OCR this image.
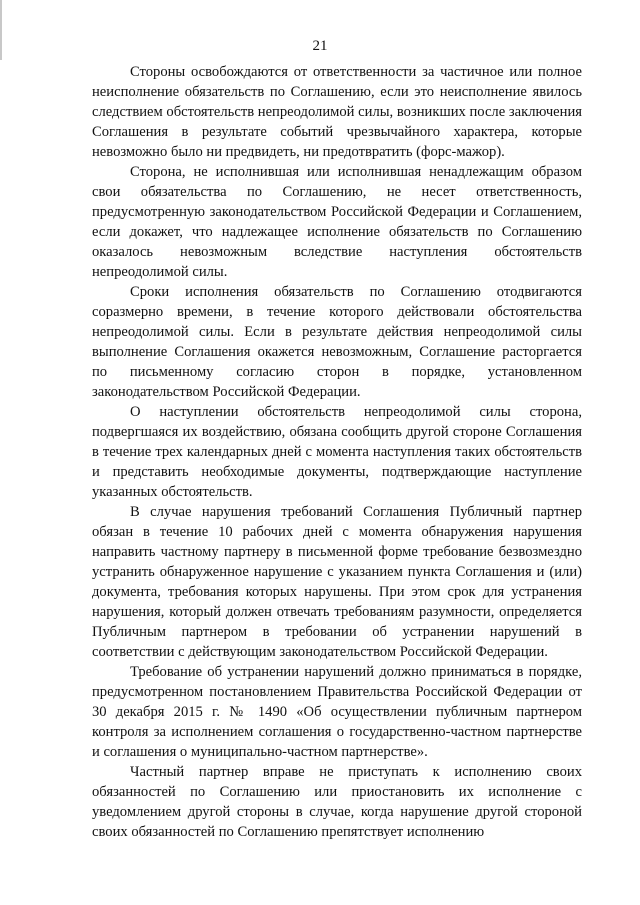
21

Стороны освобождаются от ответственности за частичное или полное неисполнение обязательств по Соглашению, если это неисполнение явилось следствием обстоятельств непреодолимой силы, возникших после заключения Соглашения в результате событий чрезвычайного характера, которые невозможно было ни предвидеть, ни предотвратить (форс-мажор).

Сторона, не исполнившая или исполнившая ненадлежащим образом свои обязательства по Соглашению, не несет ответственность, предусмотренную законодательством Российской Федерации и Соглашением, если докажет, что надлежащее исполнение обязательств по Соглашению оказалось невозможным вследствие наступления обстоятельств непреодолимой силы.

Сроки исполнения обязательств по Соглашению отодвигаются соразмерно времени, в течение которого действовали обстоятельства непреодолимой силы. Если в результате действия непреодолимой силы выполнение Соглашения окажется невозможным, Соглашение расторгается по письменному согласию сторон в порядке, установленном законодательством Российской Федерации.

О наступлении обстоятельств непреодолимой силы сторона, подвергшаяся их воздействию, обязана сообщить другой стороне Соглашения в течение трех календарных дней с момента наступления таких обстоятельств и представить необходимые документы, подтверждающие наступление указанных обстоятельств.

В случае нарушения требований Соглашения Публичный партнер обязан в течение 10 рабочих дней с момента обнаружения нарушения направить частному партнеру в письменной форме требование безвозмездно устранить обнаруженное нарушение с указанием пункта Соглашения и (или) документа, требования которых нарушены. При этом срок для устранения нарушения, который должен отвечать требованиям разумности, определяется Публичным партнером в требовании об устранении нарушений в соответствии с действующим законодательством Российской Федерации.

Требование об устранении нарушений должно приниматься в порядке, предусмотренном постановлением Правительства Российской Федерации от 30 декабря 2015 г. № 1490 «Об осуществлении публичным партнером контроля за исполнением соглашения о государственно-частном партнерстве и соглашения о муниципально-частном партнерстве».

Частный партнер вправе не приступать к исполнению своих обязанностей по Соглашению или приостановить их исполнение с уведомлением другой стороны в случае, когда нарушение другой стороной своих обязанностей по Соглашению препятствует исполнению
